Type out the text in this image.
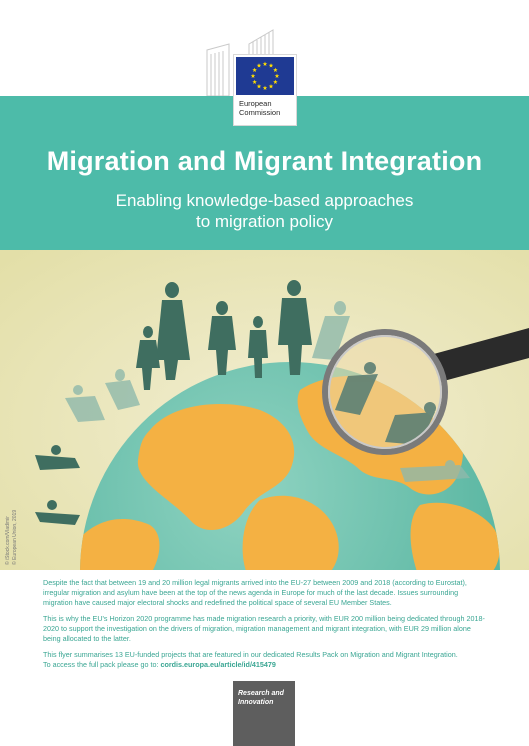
European
Commission
Migration and Migrant Integration
Enabling knowledge-based approaches
to migration policy
© iStock.com/Vladimir © European Union, 2019

Despite the fact that between 19 and 20 million legal migrants arrived into the EU-27 between 2009 and 2018 (according to Eurostat), irregular migration and asylum have been at the top of the news agenda in Europe for much of the last decade. Issues surrounding migration have caused major electoral shocks and redefined the political space of several EU Member States.

This is why the EU's Horizon 2020 programme has made migration research a priority, with EUR 200 million being dedicated through 2018-2020 to support the investigation on the drivers of migration, migration management and migrant integration, with EUR 29 million alone being allocated to the latter.

This flyer summarises 13 EU-funded projects that are featured in our dedicated Results Pack on Migration and Migrant Integration.
To access the full pack please go to: cordis.europa.eu/article/id/415479

Research and
Innovation
